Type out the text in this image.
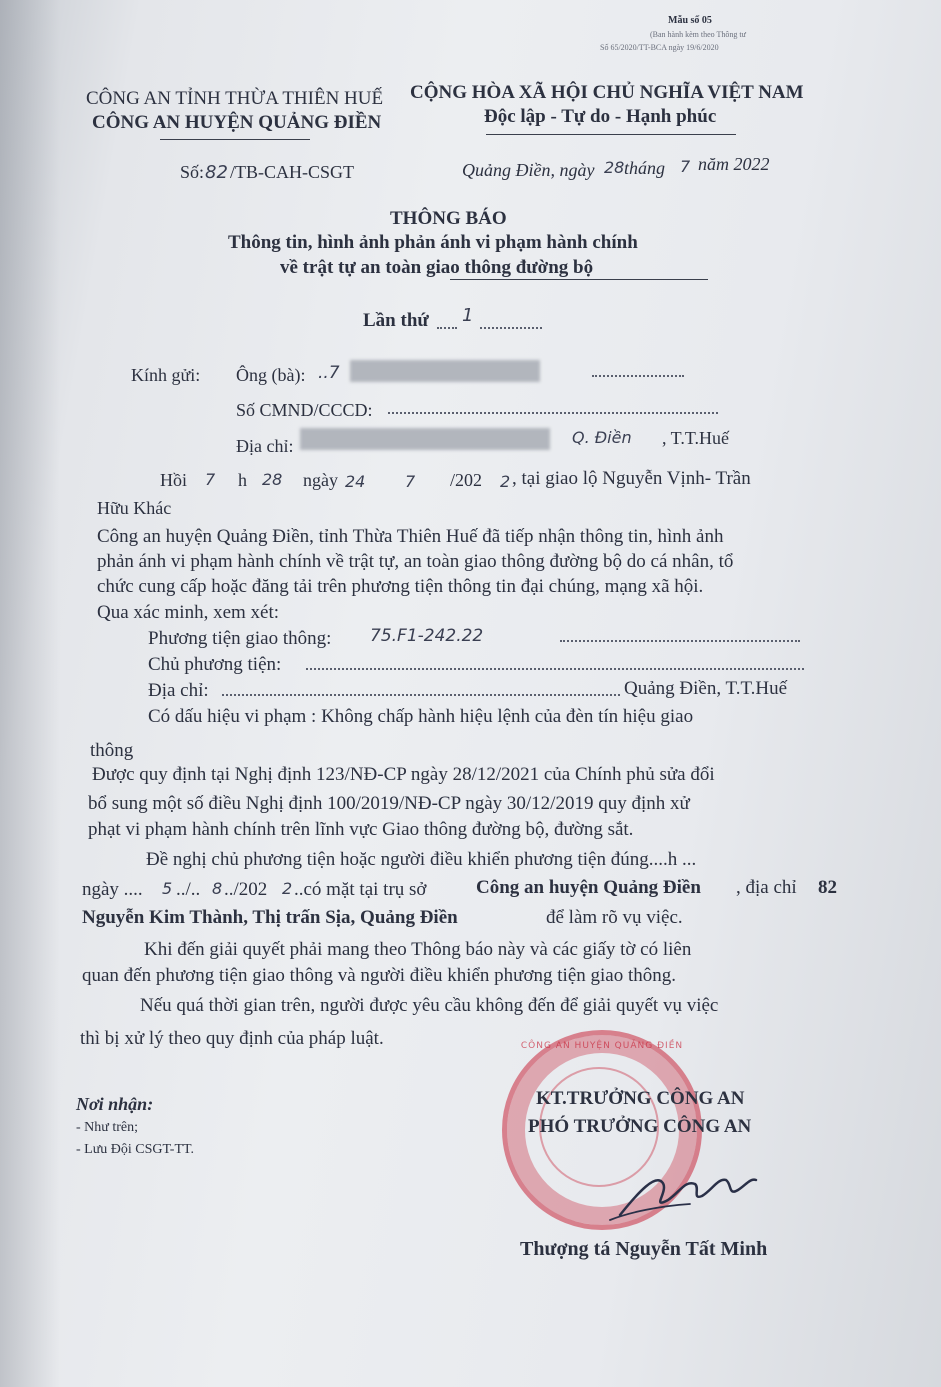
Mẫu số 05
(Ban hành kèm theo Thông tư
Số 65/2020/TT-BCA ngày 19/6/2020
CÔNG AN TỈNH THỪA THIÊN HUẾ
CÔNG AN HUYỆN QUẢNG ĐIỀN
Số: 82 /TB-CAH-CSGT
CỘNG HÒA XÃ HỘI CHỦ NGHĨA VIỆT NAM
Độc lập - Tự do - Hạnh phúc
Quảng Điền, ngày 28 tháng 7 năm 2022
THÔNG BÁO
Thông tin, hình ảnh phản ánh vi phạm hành chính
về trật tự an toàn giao thông đường bộ
Lần thứ 1
Kính gửi: Ông (bà): ..7
Số CMND/CCCD:
Địa chỉ:	Q. Điền , T.T.Huế
Hồi 7 h 28 ngày 24 7 /202 2 , tại giao lộ Nguyễn Vịnh- Trần
Hữu Khác
Công an huyện Quảng Điền, tỉnh Thừa Thiên Huế đã tiếp nhận thông tin, hình ảnh
phản ánh vi phạm hành chính về trật tự, an toàn giao thông đường bộ do cá nhân, tổ
chức cung cấp hoặc đăng tải trên phương tiện thông tin đại chúng, mạng xã hội.
Qua xác minh, xem xét:
Phương tiện giao thông: 75.F1-242.22
Chủ phương tiện:
Địa chỉ:	Quảng Điền, T.T.Huế
Có dấu hiệu vi phạm : Không chấp hành hiệu lệnh của đèn tín hiệu giao
thông
Được quy định tại Nghị định 123/NĐ-CP ngày 28/12/2021 của Chính phủ sửa đổi
bổ sung một số điều Nghị định 100/2019/NĐ-CP ngày 30/12/2019 quy định xử
phạt vi phạm hành chính trên lĩnh vực Giao thông đường bộ, đường sắt.
Đề nghị chủ phương tiện hoặc người điều khiển phương tiện đúng....h ...
ngày .... 5 ../.. 8 ../202 2 ..có mặt tại trụ sở	Công an huyện Quảng Điền , địa chỉ 82
Nguyễn Kim Thành, Thị trấn Sịa, Quảng Điền	để làm rõ vụ việc.
Khi đến giải quyết phải mang theo Thông báo này và các giấy tờ có liên
quan đến phương tiện giao thông và người điều khiển phương tiện giao thông.
Nếu quá thời gian trên, người được yêu cầu không đến để giải quyết vụ việc
thì bị xử lý theo quy định của pháp luật.
Nơi nhận:
- Như trên;
- Lưu Đội CSGT-TT.
CÔNG AN HUYỆN QUẢNG ĐIỀN
KT.TRƯỞNG CÔNG AN
PHÓ TRƯỞNG CÔNG AN
Thượng tá Nguyễn Tất Minh
